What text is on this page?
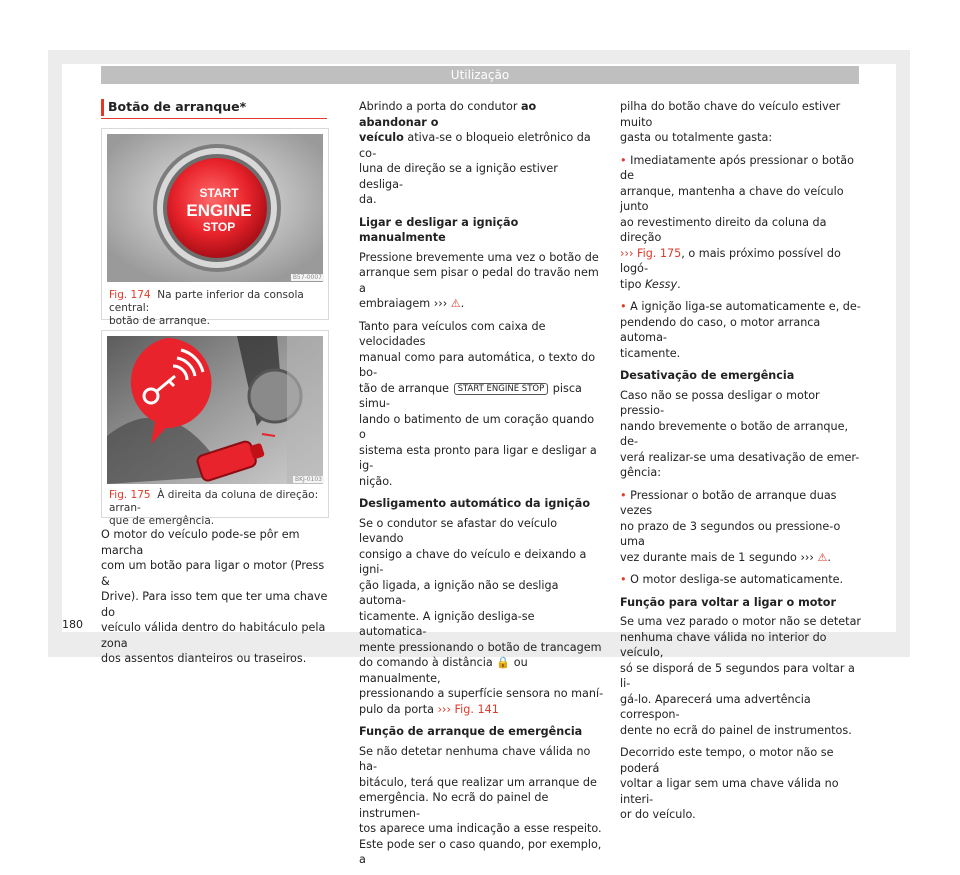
Utilização
Botão de arranque*
START
ENGINE
STOP
B57-0007
Fig. 174 Na parte inferior da consola central:
botão de arranque.
BKJ-0103
Fig. 175 À direita da coluna de direção: arran-
que de emergência.
O motor do veículo pode-se pôr em marcha
com um botão para ligar o motor (Press &
Drive). Para isso tem que ter uma chave do
veículo válida dentro do habitáculo pela zona
dos assentos dianteiros ou traseiros.

Abrindo a porta do condutor ao abandonar o
veículo ativa-se o bloqueio eletrônico da co-
luna de direção se a ignição estiver desliga-
da.

Ligar e desligar a ignição manualmente

Pressione brevemente uma vez o botão de
arranque sem pisar o pedal do travão nem a
embraiagem ››› ⚠.

Tanto para veículos com caixa de velocidades
manual como para automática, o texto do bo-
tão de arranque START ENGINE STOP pisca simu-
lando o batimento de um coração quando o
sistema esta pronto para ligar e desligar a ig-
nição.

Desligamento automático da ignição

Se o condutor se afastar do veículo levando
consigo a chave do veículo e deixando a igni-
ção ligada, a ignição não se desliga automa-
ticamente. A ignição desliga-se automatica-
mente pressionando o botão de trancagem
do comando à distância 🔒 ou manualmente,
pressionando a superfície sensora no maní-
pulo da porta ››› Fig. 141

Função de arranque de emergência

Se não detetar nenhuma chave válida no ha-
bitáculo, terá que realizar um arranque de
emergência. No ecrã do painel de instrumen-
tos aparece uma indicação a esse respeito.
Este pode ser o caso quando, por exemplo, a

pilha do botão chave do veículo estiver muito
gasta ou totalmente gasta:

• Imediatamente após pressionar o botão de
arranque, mantenha a chave do veículo junto
ao revestimento direito da coluna da direção
››› Fig. 175, o mais próximo possível do logó-
tipo Kessy.

• A ignição liga-se automaticamente e, de-
pendendo do caso, o motor arranca automa-
ticamente.

Desativação de emergência

Caso não se possa desligar o motor pressio-
nando brevemente o botão de arranque, de-
verá realizar-se uma desativação de emer-
gência:

• Pressionar o botão de arranque duas vezes
no prazo de 3 segundos ou pressione-o uma
vez durante mais de 1 segundo ››› ⚠.

• O motor desliga-se automaticamente.

Função para voltar a ligar o motor

Se uma vez parado o motor não se detetar
nenhuma chave válida no interior do veículo,
só se disporá de 5 segundos para voltar a li-
gá-lo. Aparecerá uma advertência correspon-
dente no ecrã do painel de instrumentos.

Decorrido este tempo, o motor não se poderá
voltar a ligar sem uma chave válida no interi-
or do veículo.

180
